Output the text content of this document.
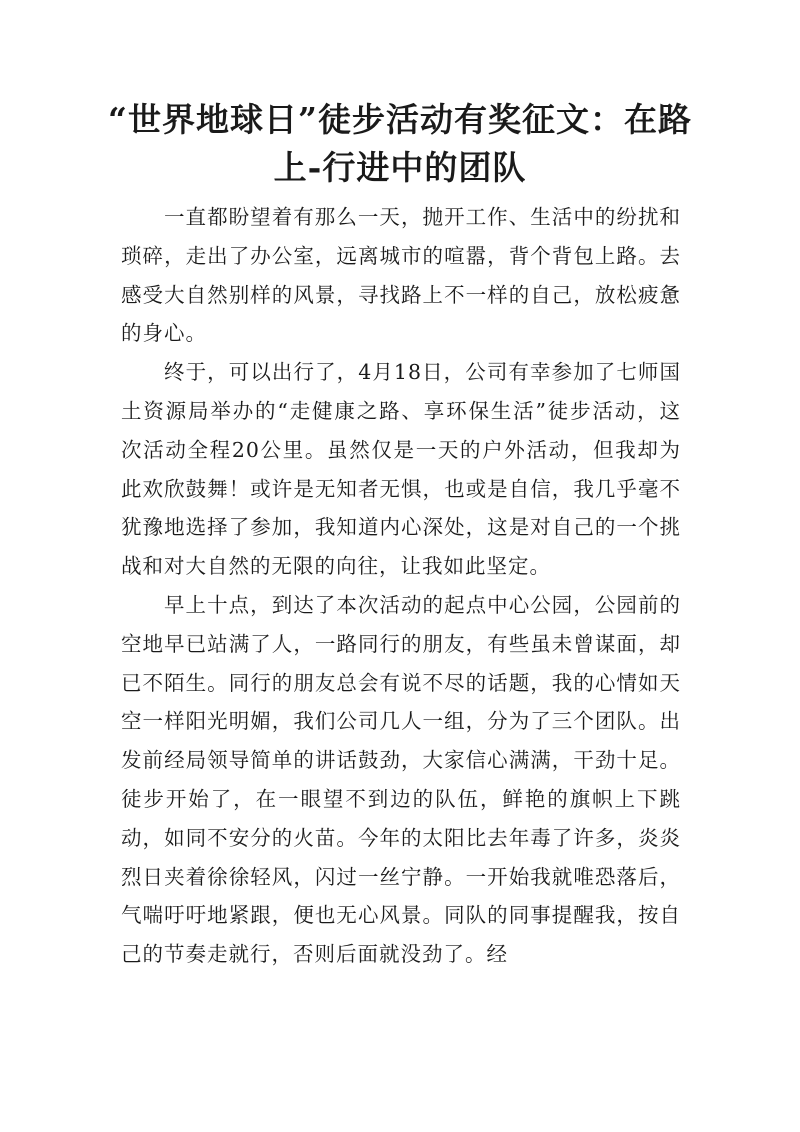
“世界地球日”徒步活动有奖征文：在路上-行进中的团队

一直都盼望着有那么一天，抛开工作、生活中的纷扰和琐碎，走出了办公室，远离城市的喧嚣，背个背包上路。去感受大自然别样的风景，寻找路上不一样的自己，放松疲惫的身心。

终于，可以出行了，4月18日，公司有幸参加了七师国土资源局举办的“走健康之路、享环保生活”徒步活动，这次活动全程20公里。虽然仅是一天的户外活动，但我却为此欢欣鼓舞！或许是无知者无惧，也或是自信，我几乎毫不犹豫地选择了参加，我知道内心深处，这是对自己的一个挑战和对大自然的无限的向往，让我如此坚定。

早上十点，到达了本次活动的起点中心公园，公园前的空地早已站满了人，一路同行的朋友，有些虽未曾谋面，却已不陌生。同行的朋友总会有说不尽的话题，我的心情如天空一样阳光明媚，我们公司几人一组，分为了三个团队。出发前经局领导简单的讲话鼓劲，大家信心满满，干劲十足。徒步开始了，在一眼望不到边的队伍，鲜艳的旗帜上下跳动，如同不安分的火苗。今年的太阳比去年毒了许多，炎炎烈日夹着徐徐轻风，闪过一丝宁静。一开始我就唯恐落后，气喘吁吁地紧跟，便也无心风景。同队的同事提醒我，按自己的节奏走就行，否则后面就没劲了。经
